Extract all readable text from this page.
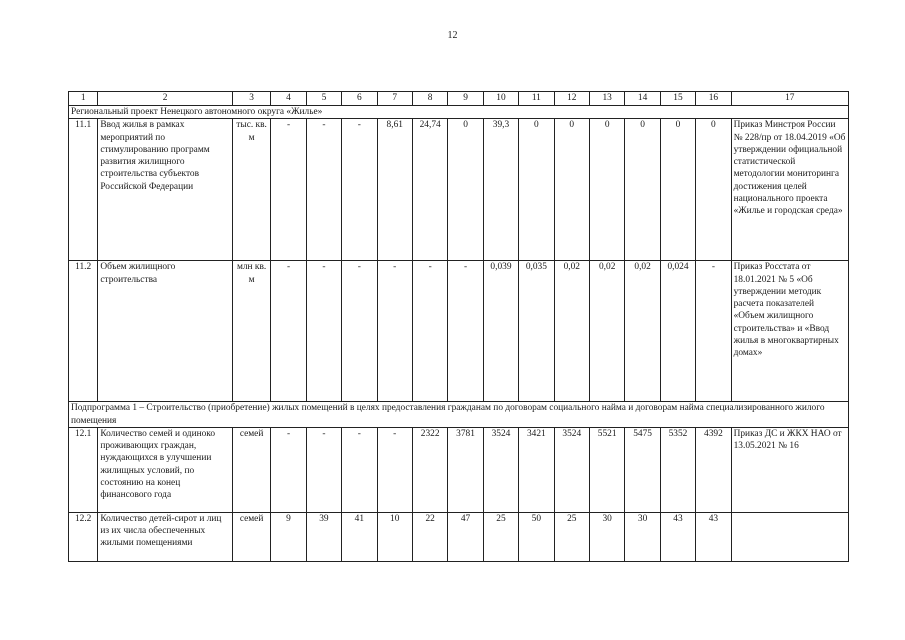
12
1	2	3	4	5	6	7	8	9	10	11	12	13	14	15	16	17
Региональный проект Ненецкого автономного округа «Жилье»																
11.1	Ввод жилья в рамках мероприятий по стимулированию программ развития жилищного строительства субъектов Российской Федерации	тыс. кв. м	-	-	-	8,61	24,74	0	39,3	0	0	0	0	0	0	Приказ Минстроя России № 228/пр от 18.04.2019 «Об утверждении официальной статистической методологии мониторинга достижения целей национального проекта «Жилье и городская среда»
11.2	Объем жилищного строительства	млн кв. м	-	-	-	-	-	-	0,039	0,035	0,02	0,02	0,02	0,024	-	Приказ Росстата от 18.01.2021 № 5 «Об утверждении методик расчета показателей «Объем жилищного строительства» и «Ввод жилья в многоквартирных домах»
Подпрограмма 1 – Строительство (приобретение) жилых помещений в целях предоставления гражданам по договорам социального найма и договорам найма специализированного жилого помещения																
12.1	Количество семей и одиноко проживающих граждан, нуждающихся в улучшении жилищных условий, по состоянию на конец финансового года	семей	-	-	-	-	2322	3781	3524	3421	3524	5521	5475	5352	4392	Приказ ДС и ЖКХ НАО от 13.05.2021 № 16
12.2	Количество детей-сирот и лиц из их числа обеспеченных жилыми помещениями	семей	9	39	41	10	22	47	25	50	25	30	30	43	43	
